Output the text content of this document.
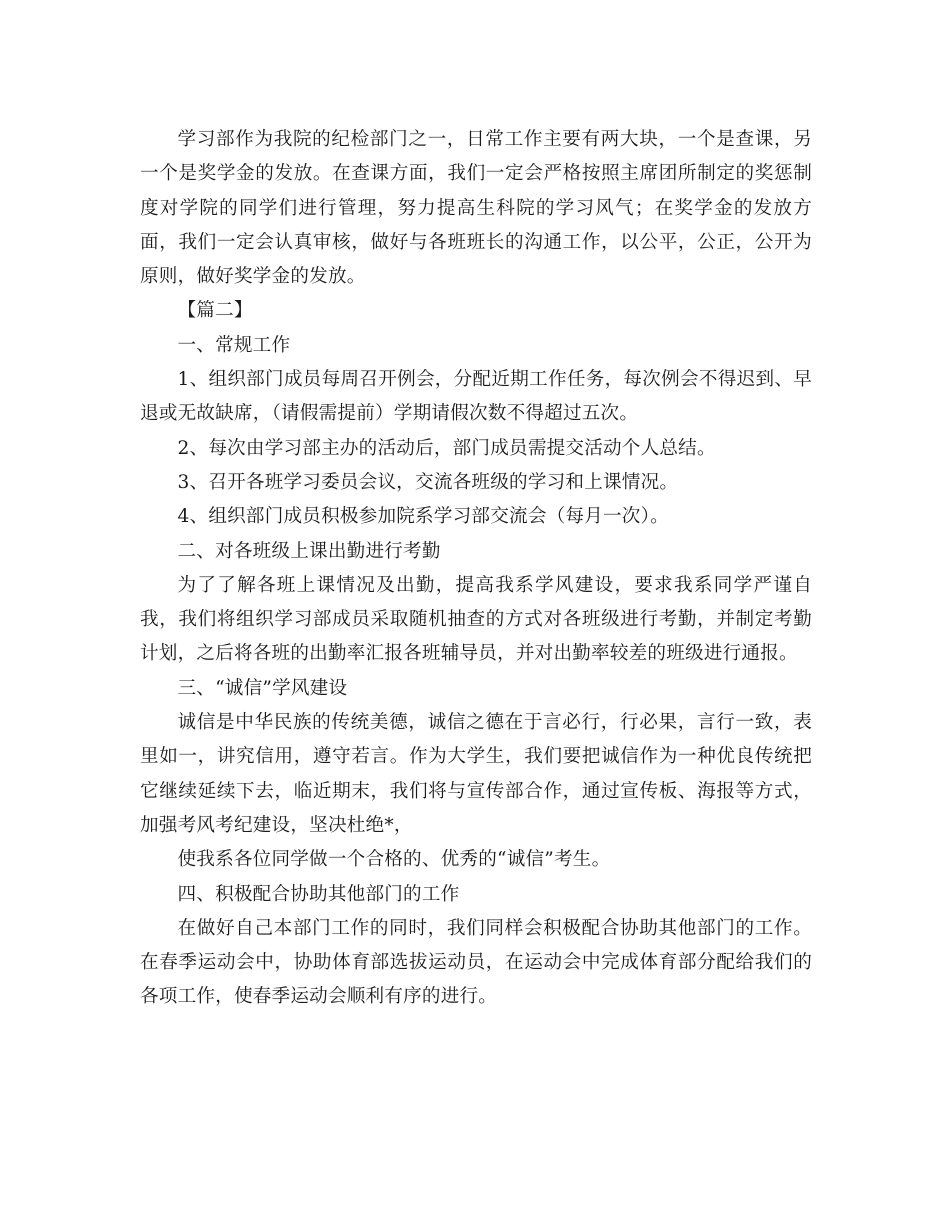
学习部作为我院的纪检部门之一，日常工作主要有两大块，一个是查课，另一个是奖学金的发放。在查课方面，我们一定会严格按照主席团所制定的奖惩制度对学院的同学们进行管理，努力提高生科院的学习风气；在奖学金的发放方面，我们一定会认真审核，做好与各班班长的沟通工作，以公平，公正，公开为原则，做好奖学金的发放。

【篇二】

一、常规工作

1、组织部门成员每周召开例会，分配近期工作任务，每次例会不得迟到、早退或无故缺席，（请假需提前）学期请假次数不得超过五次。

2、每次由学习部主办的活动后，部门成员需提交活动个人总结。

3、召开各班学习委员会议，交流各班级的学习和上课情况。

4、组织部门成员积极参加院系学习部交流会（每月一次）。

二、对各班级上课出勤进行考勤

为了了解各班上课情况及出勤，提高我系学风建设，要求我系同学严谨自我，我们将组织学习部成员采取随机抽查的方式对各班级进行考勤，并制定考勤计划，之后将各班的出勤率汇报各班辅导员，并对出勤率较差的班级进行通报。

三、“诚信”学风建设

诚信是中华民族的传统美德，诚信之德在于言必行，行必果，言行一致，表里如一，讲究信用，遵守若言。作为大学生，我们要把诚信作为一种优良传统把它继续延续下去，临近期末，我们将与宣传部合作，通过宣传板、海报等方式，加强考风考纪建设，坚决杜绝*，

使我系各位同学做一个合格的、优秀的“诚信”考生。

四、积极配合协助其他部门的工作

在做好自己本部门工作的同时，我们同样会积极配合协助其他部门的工作。在春季运动会中，协助体育部选拔运动员，在运动会中完成体育部分配给我们的各项工作，使春季运动会顺利有序的进行。
